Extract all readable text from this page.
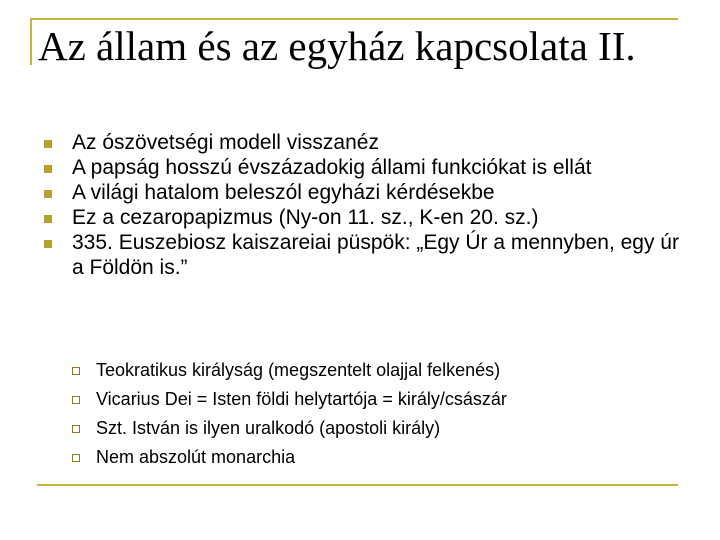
Az állam és az egyház kapcsolata II.
Az ószövetségi modell visszanéz
A papság hosszú évszázadokig állami funkciókat is ellát
A világi hatalom beleszól egyházi kérdésekbe
Ez a cezaropapizmus (Ny-on 11. sz., K-en 20. sz.)
335. Euszebiosz kaiszareiai püspök: „Egy Úr a mennyben, egy úr a Földön is.”
Teokratikus királyság (megszentelt olajjal felkenés)
Vicarius Dei = Isten földi helytartója = király/császár
Szt. István is ilyen uralkodó (apostoli király)
Nem abszolút monarchia
